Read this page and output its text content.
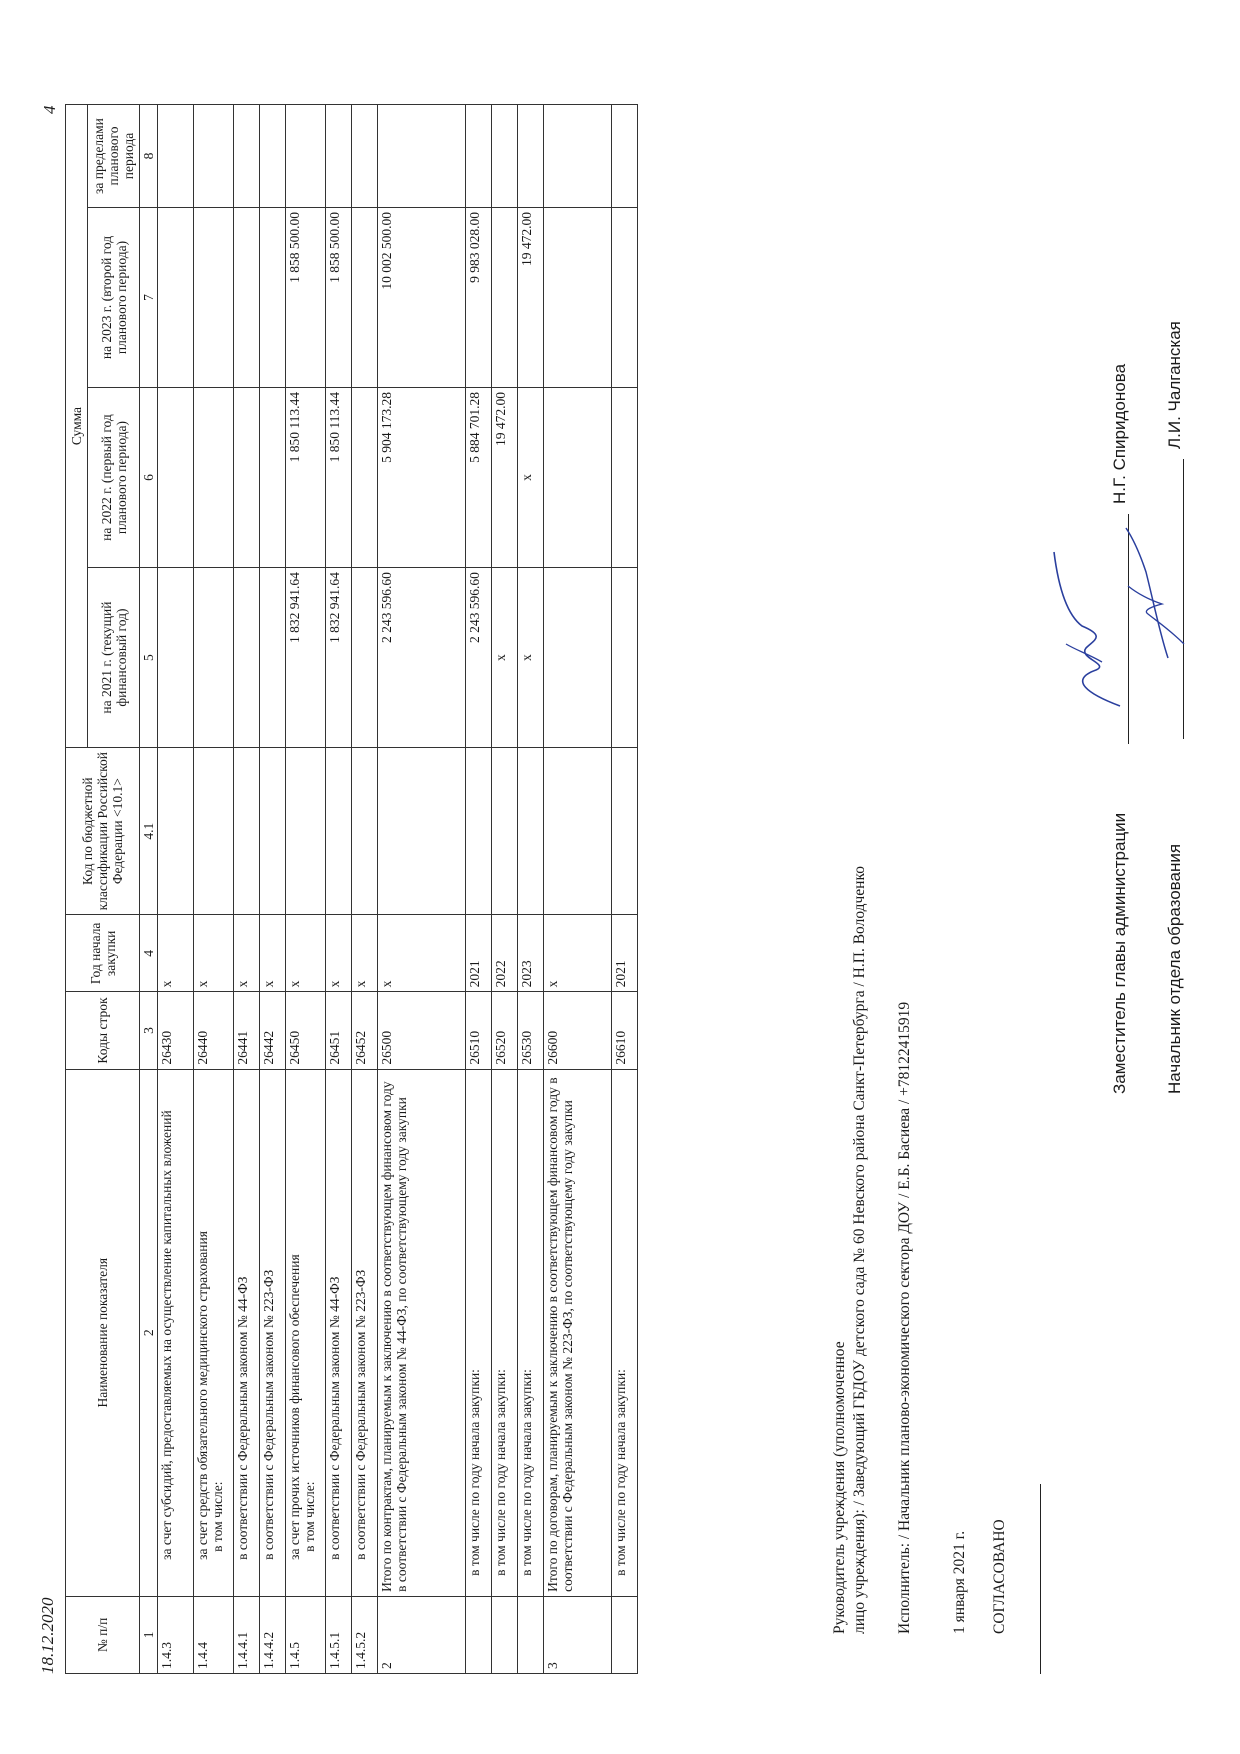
18.12.2020
4
№ п/п	Наименование показателя	Коды строк	Год начала закупки	Код по бюджетной классификации Российской Федерации <10.1>	Сумма			
					на 2021 г. (текущий финансовый год)	на 2022 г. (первый год планового периода)	на 2023 г. (второй год планового периода)	за пределами планового периода
1	2	3	4	4.1	5	6	7	8
1.4.3	за счет субсидий, предоставляемых на осуществление капитальных вложений	26430	x					
1.4.4	за счет средств обязательного медицинского страхования в том числе:	26440	x					
1.4.4.1	в соответствии с Федеральным законом № 44-ФЗ	26441	x					
1.4.4.2	в соответствии с Федеральным законом № 223-ФЗ	26442	x					
1.4.5	за счет прочих источников финансового обеспечения в том числе:	26450	x		1 832 941.64	1 850 113.44	1 858 500.00	
1.4.5.1	в соответствии с Федеральным законом № 44-ФЗ	26451	x		1 832 941.64	1 850 113.44	1 858 500.00	
1.4.5.2	в соответствии с Федеральным законом № 223-ФЗ	26452	x					
2	Итого по контрактам, планируемым к заключению в соответствующем финансовом году в соответствии с Федеральным законом № 44-ФЗ, по соответствующему году закупки	26500	x		2 243 596.60	5 904 173.28	10 002 500.00	
	в том числе по году начала закупки:	26510	2021		2 243 596.60	5 884 701.28	9 983 028.00	
	в том числе по году начала закупки:	26520	2022		x	19 472.00		
	в том числе по году начала закупки:	26530	2023		x	x	19 472.00	
3	Итого по договорам, планируемым к заключению в соответствующем финансовом году в соответствии с Федеральным законом № 223-ФЗ, по соответствующему году закупки	26600	x					
	в том числе по году начала закупки:	26610	2021					
Руководитель учреждения (уполномоченное лицо учреждения): / Заведующий ГБДОУ детского сада № 60 Невского района Санкт-Петербурга / Н.П. Володченко Исполнитель: / Начальник планово-экономического сектора ДОУ / Е.Б. Басиева / +78122415919 1 января 2021 г. СОГЛАСОВАНО
Заместитель главы администрации
Н.Г. Спиридонова
Начальник отдела образования
Л.И. Чалганская
